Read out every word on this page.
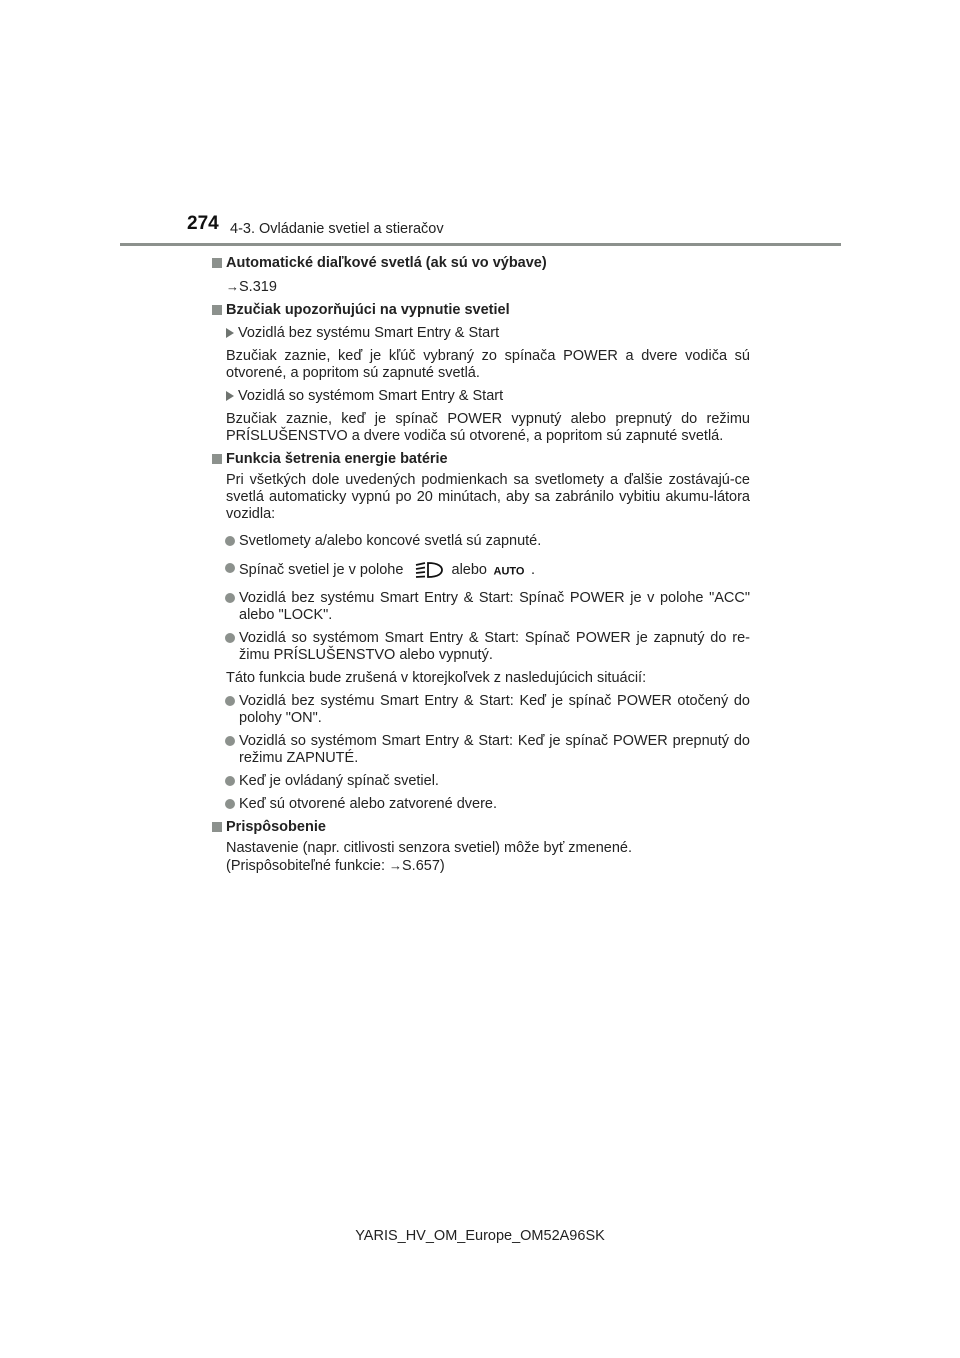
274 4-3. Ovládanie svetiel a stieračov
Automatické diaľkové svetlá (ak sú vo výbave)
→S.319
Bzučiak upozorňujúci na vypnutie svetiel
Vozidlá bez systému Smart Entry & Start
Bzučiak zaznie, keď je kľúč vybraný zo spínača POWER a dvere vodiča sú otvorené, a popritom sú zapnuté svetlá.
Vozidlá so systémom Smart Entry & Start
Bzučiak zaznie, keď je spínač POWER vypnutý alebo prepnutý do režimu PRÍSLUŠENSTVO a dvere vodiča sú otvorené, a popritom sú zapnuté svetlá.
Funkcia šetrenia energie batérie
Pri všetkých dole uvedených podmienkach sa svetlomety a ďalšie zostávajú-ce svetlá automaticky vypnú po 20 minútach, aby sa zabránilo vybitiu akumu-látora vozidla:
Svetlomety a/alebo koncové svetlá sú zapnuté.
Spínač svetiel je v polohe	alebo AUTO .
Vozidlá bez systému Smart Entry & Start: Spínač POWER je v polohe "ACC" alebo "LOCK".
Vozidlá so systémom Smart Entry & Start: Spínač POWER je zapnutý do re-žimu PRÍSLUŠENSTVO alebo vypnutý.
Táto funkcia bude zrušená v ktorejkoľvek z nasledujúcich situácií:
Vozidlá bez systému Smart Entry & Start: Keď je spínač POWER otočený do polohy "ON".
Vozidlá so systémom Smart Entry & Start: Keď je spínač POWER prepnutý do režimu ZAPNUTÉ.
Keď je ovládaný spínač svetiel.
Keď sú otvorené alebo zatvorené dvere.
Prispôsobenie
Nastavenie (napr. citlivosti senzora svetiel) môže byť zmenené.
(Prispôsobiteľné funkcie: →S.657)
YARIS_HV_OM_Europe_OM52A96SK
